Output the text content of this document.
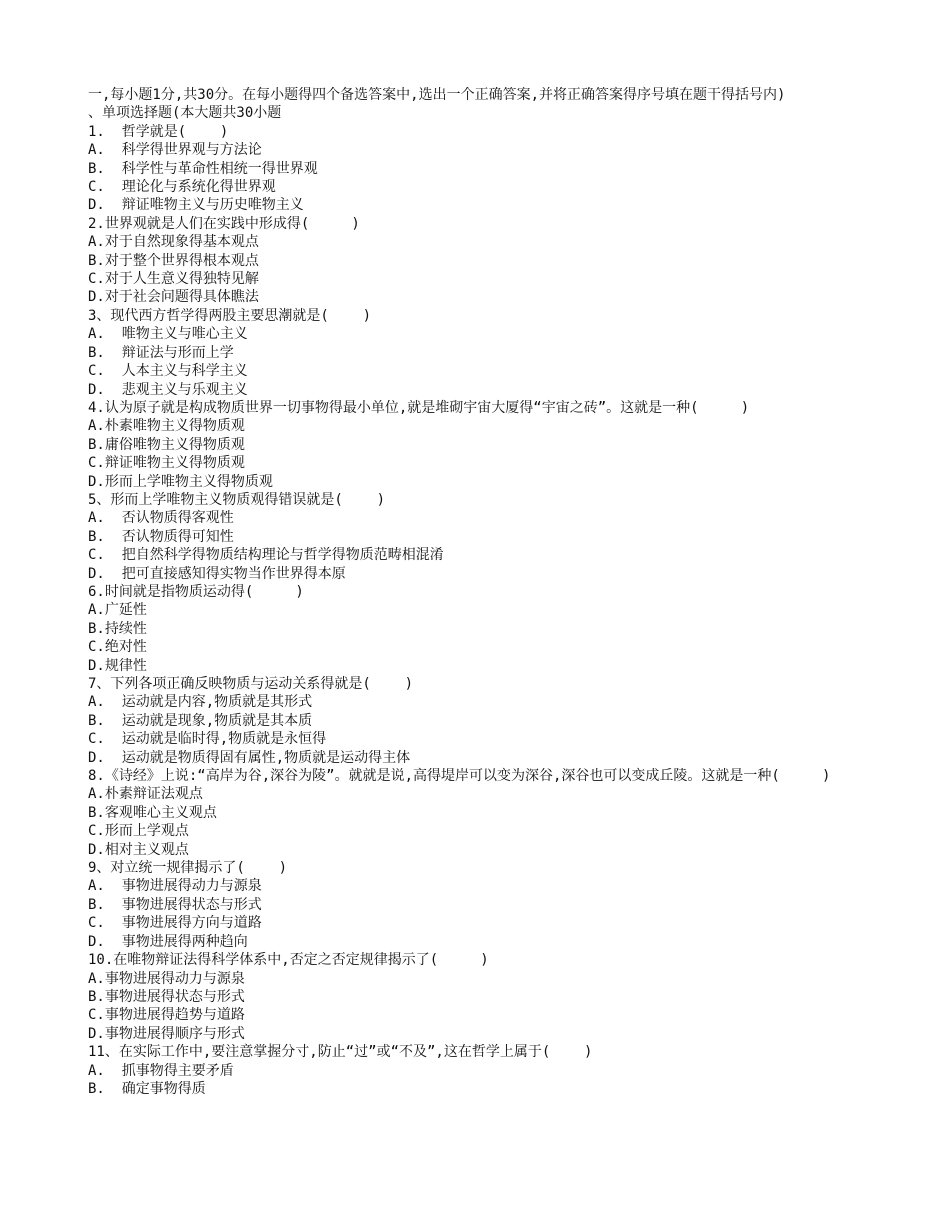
一,每小题1分,共30分。在每小题得四个备选答案中,选出一个正确答案,并将正确答案得序号填在题干得括号内)
、单项选择题(本大题共30小题
1.  哲学就是(    )
A.  科学得世界观与方法论
B.  科学性与革命性相统一得世界观
C.  理论化与系统化得世界观
D.  辩证唯物主义与历史唯物主义
2.世界观就是人们在实践中形成得(     )
A.对于自然现象得基本观点
B.对于整个世界得根本观点
C.对于人生意义得独特见解
D.对于社会问题得具体瞧法
3、现代西方哲学得两股主要思潮就是(    )
A.  唯物主义与唯心主义
B.  辩证法与形而上学
C.  人本主义与科学主义
D.  悲观主义与乐观主义
4.认为原子就是构成物质世界一切事物得最小单位,就是堆砌宇宙大厦得“宇宙之砖”。这就是一种(     )
A.朴素唯物主义得物质观
B.庸俗唯物主义得物质观
C.辩证唯物主义得物质观
D.形而上学唯物主义得物质观
5、形而上学唯物主义物质观得错误就是(    )
A.  否认物质得客观性
B.  否认物质得可知性
C.  把自然科学得物质结构理论与哲学得物质范畴相混淆
D.  把可直接感知得实物当作世界得本原
6.时间就是指物质运动得(     )
A.广延性
B.持续性
C.绝对性
D.规律性
7、下列各项正确反映物质与运动关系得就是(    )
A.  运动就是内容,物质就是其形式
B.  运动就是现象,物质就是其本质
C.  运动就是临时得,物质就是永恒得
D.  运动就是物质得固有属性,物质就是运动得主体
8.《诗经》上说:“高岸为谷,深谷为陵”。就就是说,高得堤岸可以变为深谷,深谷也可以变成丘陵。这就是一种(     )
A.朴素辩证法观点
B.客观唯心主义观点
C.形而上学观点
D.相对主义观点
9、对立统一规律揭示了(    )
A.  事物进展得动力与源泉
B.  事物进展得状态与形式
C.  事物进展得方向与道路
D.  事物进展得两种趋向
10.在唯物辩证法得科学体系中,否定之否定规律揭示了(     )
A.事物进展得动力与源泉
B.事物进展得状态与形式
C.事物进展得趋势与道路
D.事物进展得顺序与形式
11、在实际工作中,要注意掌握分寸,防止“过”或“不及”,这在哲学上属于(    )
A.  抓事物得主要矛盾
B.  确定事物得质
